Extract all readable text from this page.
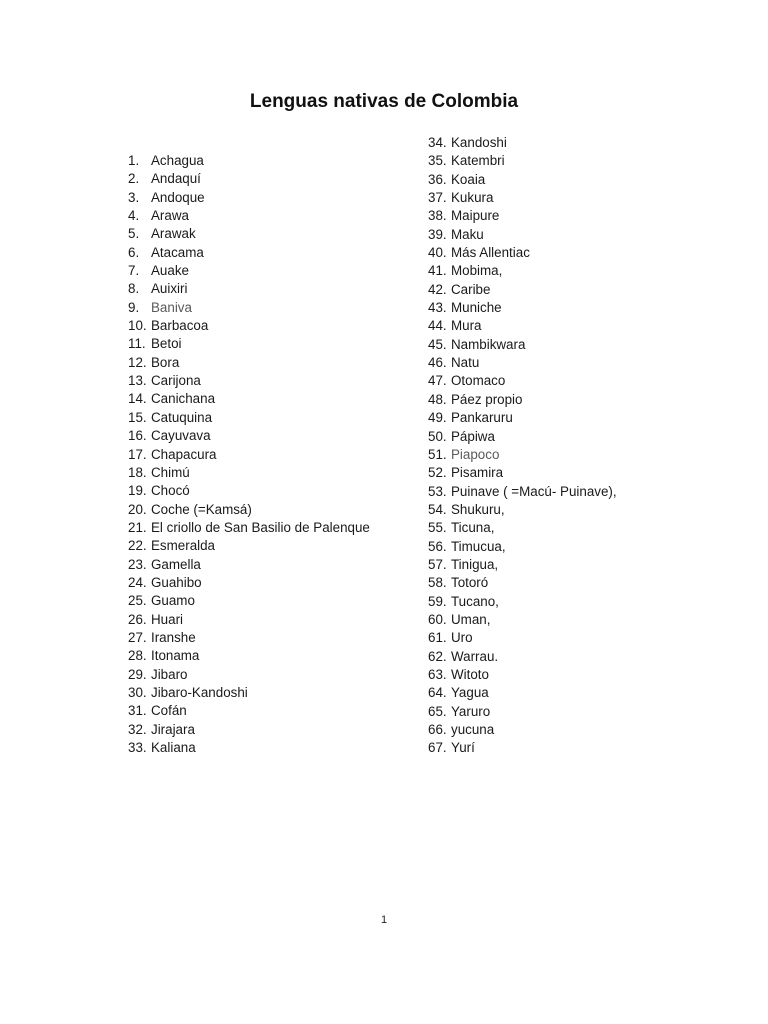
Lenguas nativas de Colombia
1. Achagua
2. Andaquí
3. Andoque
4. Arawa
5. Arawak
6. Atacama
7. Auake
8. Auixiri
9. Baniva
10. Barbacoa
11. Betoi
12. Bora
13. Carijona
14. Canichana
15. Catuquina
16. Cayuvava
17. Chapacura
18. Chimú
19. Chocó
20. Coche (=Kamsá)
21. El criollo de San Basilio de Palenque
22. Esmeralda
23. Gamella
24. Guahibo
25. Guamo
26. Huari
27. Iranshe
28. Itonama
29. Jibaro
30. Jibaro-Kandoshi
31. Cofán
32. Jirajara
33. Kaliana
34. Kandoshi
35. Katembri
36. Koaia
37. Kukura
38. Maipure
39. Maku
40. Más Allentiac
41. Mobima,
42. Caribe
43. Muniche
44. Mura
45. Nambikwara
46. Natu
47. Otomaco
48. Páez propio
49. Pankaruru
50. Pápiwa
51. Piapoco
52. Pisamira
53. Puinave ( =Macú- Puinave),
54. Shukuru,
55. Ticuna,
56. Timucua,
57. Tinigua,
58. Totoró
59. Tucano,
60. Uman,
61. Uro
62. Warrau.
63. Witoto
64. Yagua
65. Yaruro
66. yucuna
67. Yurí
1
